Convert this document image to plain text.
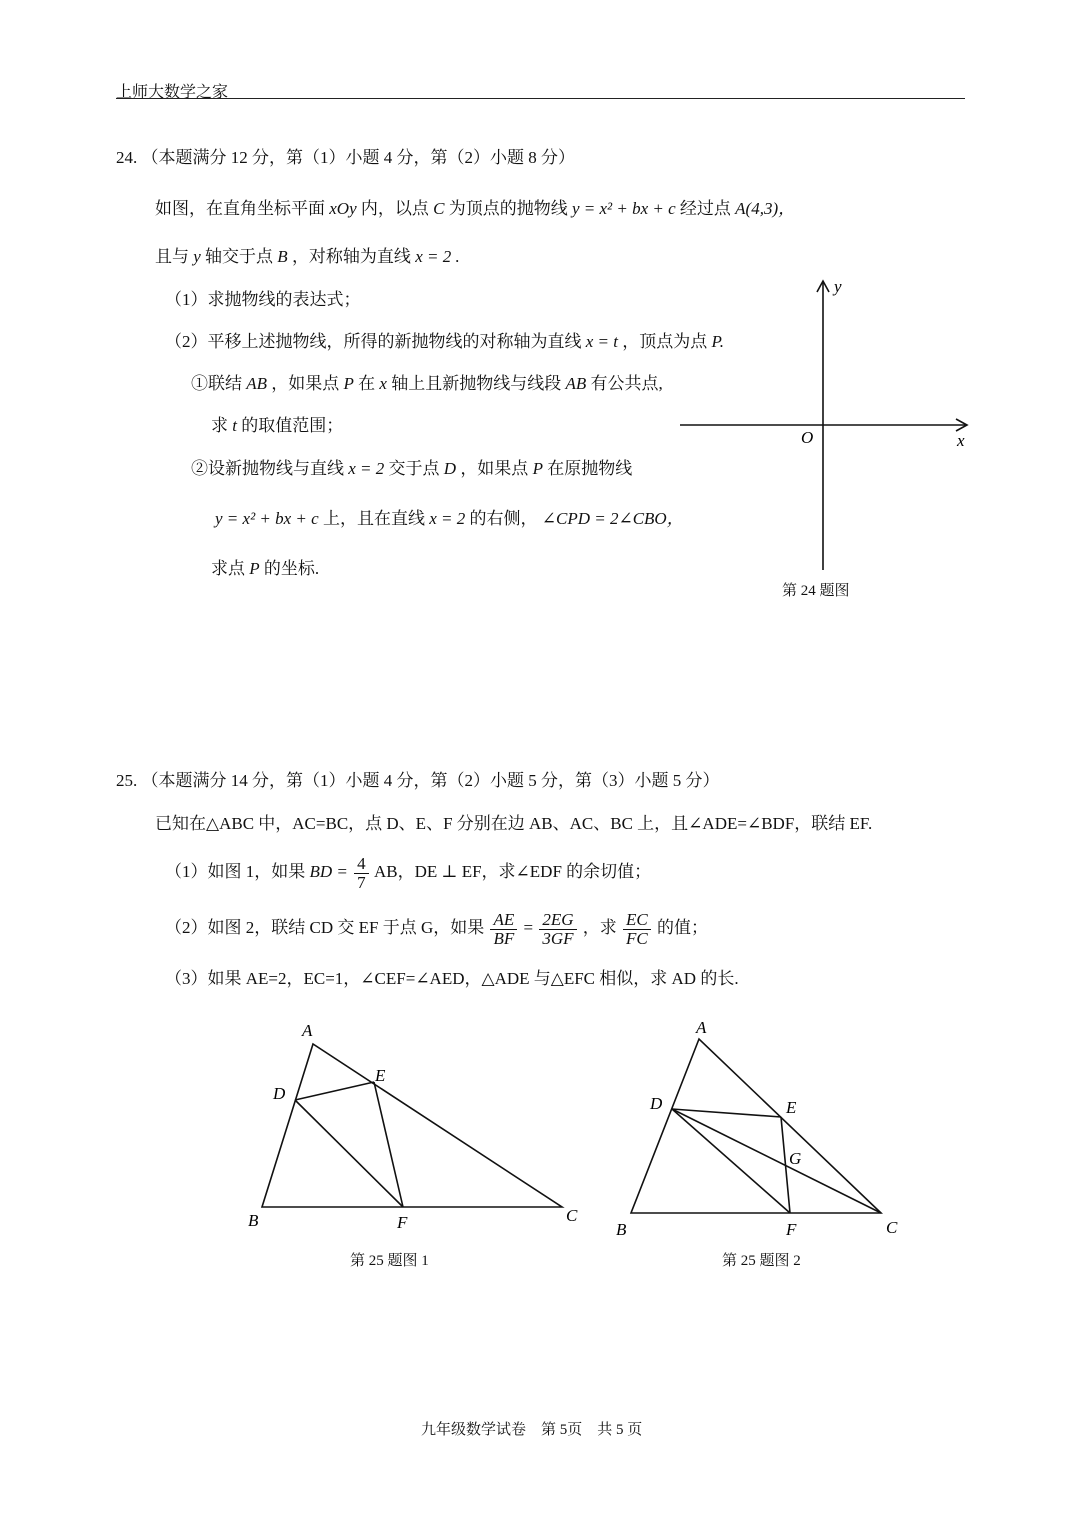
上师大数学之家
24. （本题满分 12 分，第（1）小题 4 分，第（2）小题 8 分）
如图，在直角坐标平面 xOy 内，以点 C 为顶点的抛物线 y = x² + bx + c 经过点 A(4,3)，
且与 y 轴交于点 B ，对称轴为直线 x = 2 .
（1）求抛物线的表达式；
（2）平移上述抛物线，所得的新抛物线的对称轴为直线 x = t ，顶点为点 P.
①联结 AB ，如果点 P 在 x 轴上且新抛物线与线段 AB 有公共点,
求 t 的取值范围；
②设新抛物线与直线 x = 2 交于点 D ，如果点 P 在原抛物线
y = x² + bx + c 上，且在直线 x = 2 的右侧， ∠CPD = 2∠CBO，
求点 P 的坐标.
y
x
O
第 24 题图
25. （本题满分 14 分，第（1）小题 4 分，第（2）小题 5 分，第（3）小题 5 分）
已知在△ABC 中，AC=BC，点 D、E、F 分别在边 AB、AC、BC 上，且∠ADE=∠BDF，联结 EF.
（1）如图 1，如果 BD = $\frac{4}{7}$ AB，DE ⊥ EF，求∠EDF 的余切值；
（2）如图 2，联结 CD 交 EF 于点 G，如果 $\frac{AE}{BF} = \frac{2EG}{3GF}$ ，求 $\frac{EC}{FC}$ 的值；
（3）如果 AE=2，EC=1，∠CEF=∠AED，△ADE 与△EFC 相似，求 AD 的长.
A
D
E
B	F	C
第 25 题图 1
A
D	E
G
B	F	C
第 25 题图 2
九年级数学试卷　第 5页　共 5 页
